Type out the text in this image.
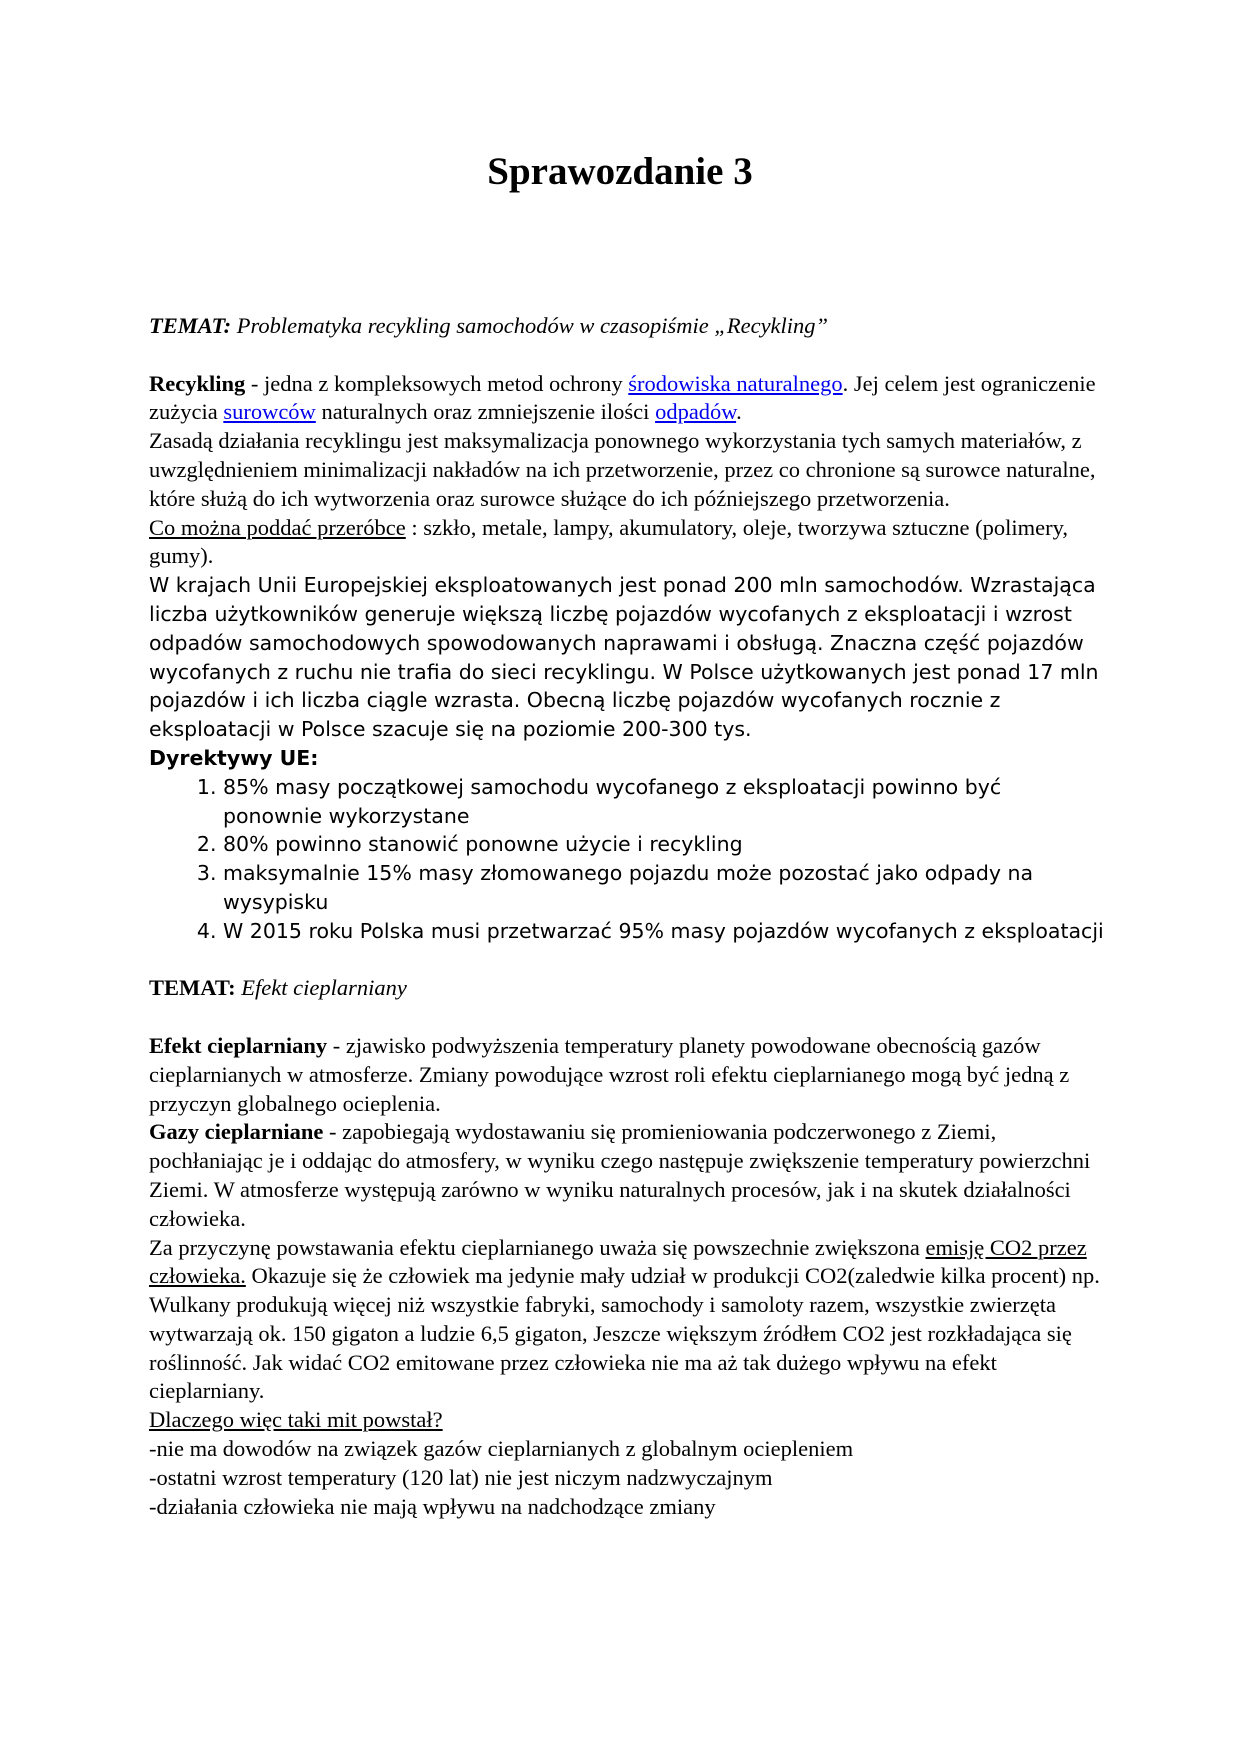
Sprawozdanie 3

TEMAT: Problematyka recykling samochodów w czasopiśmie „Recykling”

Recykling - jedna z kompleksowych metod ochrony środowiska naturalnego. Jej celem jest ograniczenie zużycia surowców naturalnych oraz zmniejszenie ilości odpadów.

Zasadą działania recyklingu jest maksymalizacja ponownego wykorzystania tych samych materiałów, z uwzględnieniem minimalizacji nakładów na ich przetworzenie, przez co chronione są surowce naturalne, które służą do ich wytworzenia oraz surowce służące do ich późniejszego przetworzenia.

Co można poddać przeróbce : szkło, metale, lampy, akumulatory, oleje, tworzywa sztuczne (polimery, gumy).

W krajach Unii Europejskiej eksploatowanych jest ponad 200 mln samochodów. Wzrastająca liczba użytkowników generuje większą liczbę pojazdów wycofanych z eksploatacji i wzrost odpadów samochodowych spowodowanych naprawami i obsługą. Znaczna część pojazdów wycofanych z ruchu nie trafia do sieci recyklingu. W Polsce użytkowanych jest ponad 17 mln pojazdów i ich liczba ciągle wzrasta. Obecną liczbę pojazdów wycofanych rocznie z eksploatacji w Polsce szacuje się na poziomie 200-300 tys.

Dyrektywy UE:

1. 85% masy początkowej samochodu wycofanego z eksploatacji powinno być ponownie wykorzystane
2. 80% powinno stanowić ponowne użycie i recykling
3. maksymalnie 15% masy złomowanego pojazdu może pozostać jako odpady na wysypisku
4. W 2015 roku Polska musi przetwarzać 95% masy pojazdów wycofanych z eksploatacji

TEMAT: Efekt cieplarniany

Efekt cieplarniany - zjawisko podwyższenia temperatury planety powodowane obecnością gazów cieplarnianych w atmosferze. Zmiany powodujące wzrost roli efektu cieplarnianego mogą być jedną z przyczyn globalnego ocieplenia.

Gazy cieplarniane - zapobiegają wydostawaniu się promieniowania podczerwonego z Ziemi, pochłaniając je i oddając do atmosfery, w wyniku czego następuje zwiększenie temperatury powierzchni Ziemi. W atmosferze występują zarówno w wyniku naturalnych procesów, jak i na skutek działalności człowieka.

Za przyczynę powstawania efektu cieplarnianego uważa się powszechnie zwiększona emisję CO2 przez człowieka. Okazuje się że człowiek ma jedynie mały udział w produkcji CO2(zaledwie kilka procent) np. Wulkany produkują więcej niż wszystkie fabryki, samochody i samoloty razem, wszystkie zwierzęta wytwarzają ok. 150 gigaton a ludzie 6,5 gigaton, Jeszcze większym źródłem CO2 jest rozkładająca się roślinność. Jak widać CO2 emitowane przez człowieka nie ma aż tak dużego wpływu na efekt cieplarniany.

Dlaczego więc taki mit powstał?

-nie ma dowodów na związek gazów cieplarnianych z globalnym ociepleniem

-ostatni wzrost temperatury (120 lat) nie jest niczym nadzwyczajnym

-działania człowieka nie mają wpływu na nadchodzące zmiany
